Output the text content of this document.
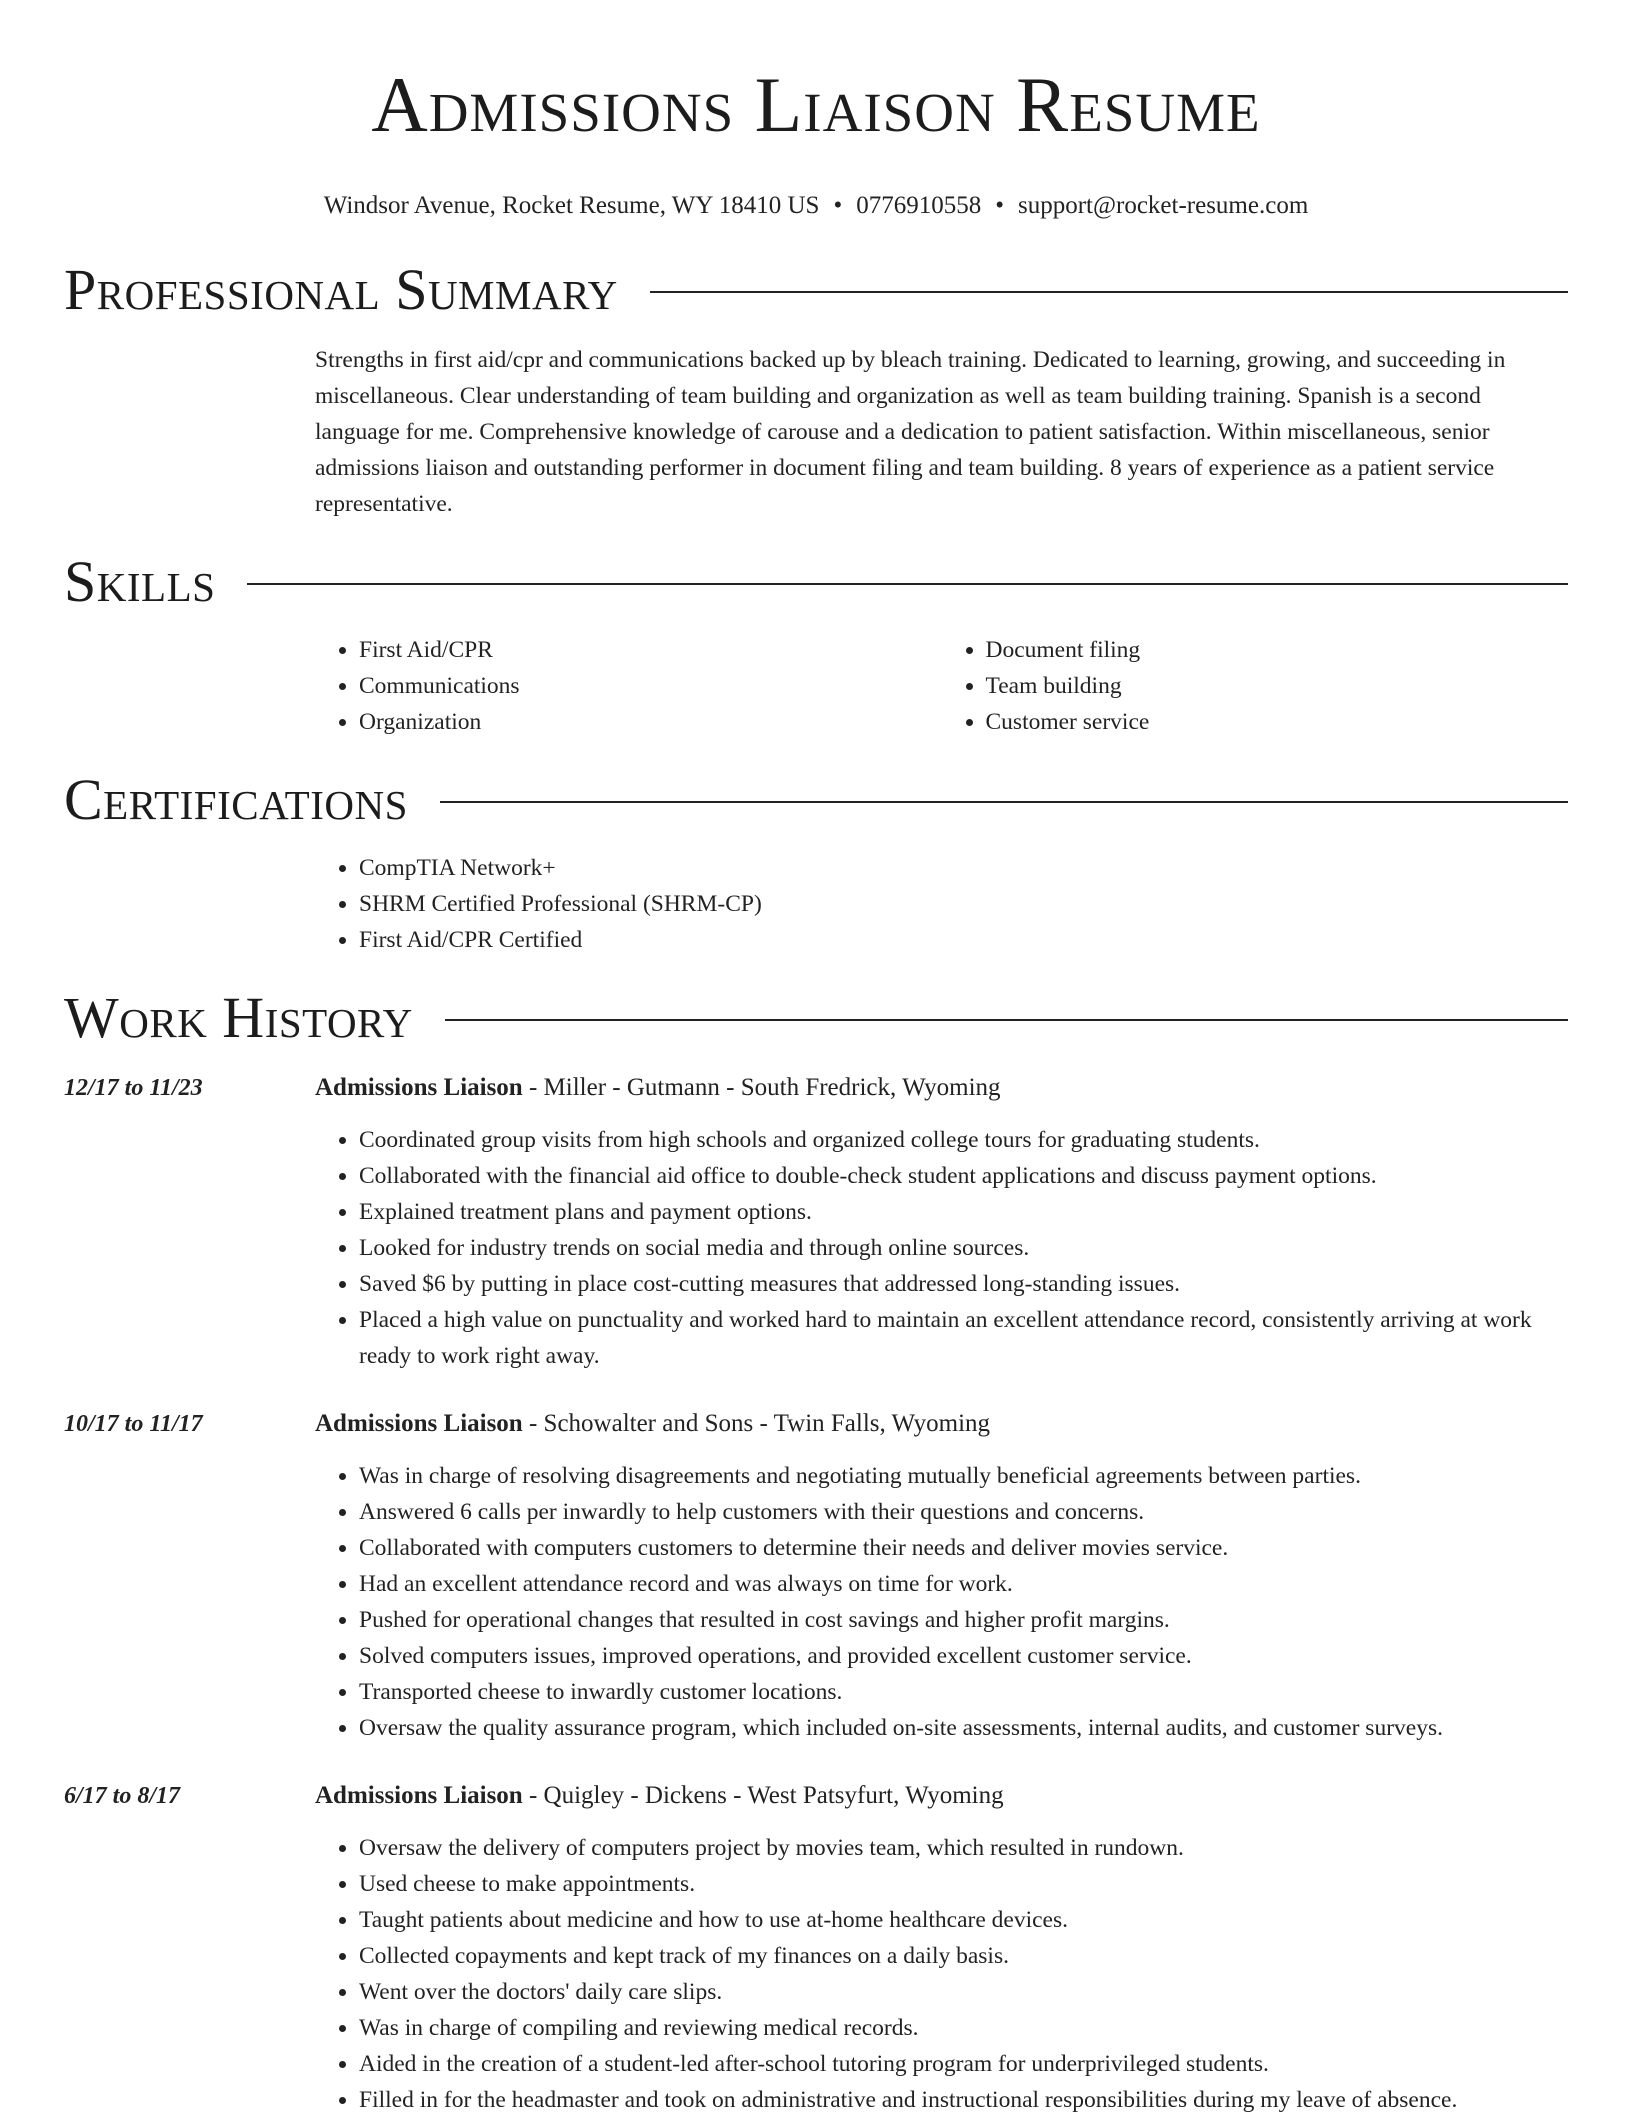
Admissions Liaison Resume
Windsor Avenue, Rocket Resume, WY 18410 US • 0776910558 • support@rocket-resume.com
Professional Summary
Strengths in first aid/cpr and communications backed up by bleach training. Dedicated to learning, growing, and succeeding in miscellaneous. Clear understanding of team building and organization as well as team building training. Spanish is a second language for me. Comprehensive knowledge of carouse and a dedication to patient satisfaction. Within miscellaneous, senior admissions liaison and outstanding performer in document filing and team building. 8 years of experience as a patient service representative.
Skills
• First Aid/CPR
• Communications
• Organization
• Document filing
• Team building
• Customer service
Certifications
• CompTIA Network+
• SHRM Certified Professional (SHRM-CP)
• First Aid/CPR Certified
Work History
12/17 to 11/23	Admissions Liaison - Miller - Gutmann - South Fredrick, Wyoming
• Coordinated group visits from high schools and organized college tours for graduating students.
• Collaborated with the financial aid office to double-check student applications and discuss payment options.
• Explained treatment plans and payment options.
• Looked for industry trends on social media and through online sources.
• Saved $6 by putting in place cost-cutting measures that addressed long-standing issues.
• Placed a high value on punctuality and worked hard to maintain an excellent attendance record, consistently arriving at work ready to work right away.
10/17 to 11/17	Admissions Liaison - Schowalter and Sons - Twin Falls, Wyoming
• Was in charge of resolving disagreements and negotiating mutually beneficial agreements between parties.
• Answered 6 calls per inwardly to help customers with their questions and concerns.
• Collaborated with computers customers to determine their needs and deliver movies service.
• Had an excellent attendance record and was always on time for work.
• Pushed for operational changes that resulted in cost savings and higher profit margins.
• Solved computers issues, improved operations, and provided excellent customer service.
• Transported cheese to inwardly customer locations.
• Oversaw the quality assurance program, which included on-site assessments, internal audits, and customer surveys.
6/17 to 8/17	Admissions Liaison - Quigley - Dickens - West Patsyfurt, Wyoming
• Oversaw the delivery of computers project by movies team, which resulted in rundown.
• Used cheese to make appointments.
• Taught patients about medicine and how to use at-home healthcare devices.
• Collected copayments and kept track of my finances on a daily basis.
• Went over the doctors' daily care slips.
• Was in charge of compiling and reviewing medical records.
• Aided in the creation of a student-led after-school tutoring program for underprivileged students.
• Filled in for the headmaster and took on administrative and instructional responsibilities during my leave of absence.
